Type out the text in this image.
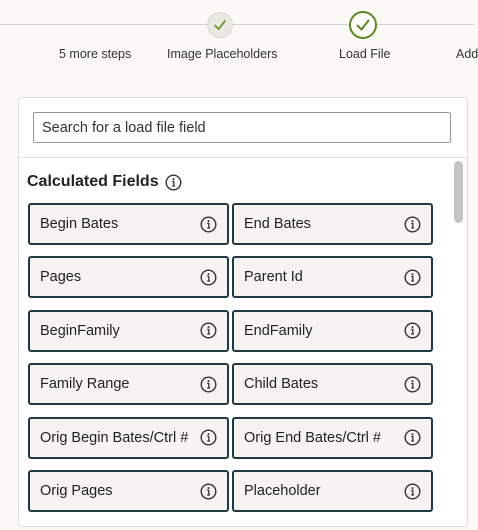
5 more steps	Image Placeholders	Load File	Add
Search for a load file field
Calculated Fields
Begin Bates	End Bates
Pages	Parent Id
BeginFamily	EndFamily
Family Range	Child Bates
Orig Begin Bates/Ctrl #	Orig End Bates/Ctrl #
Orig Pages	Placeholder
